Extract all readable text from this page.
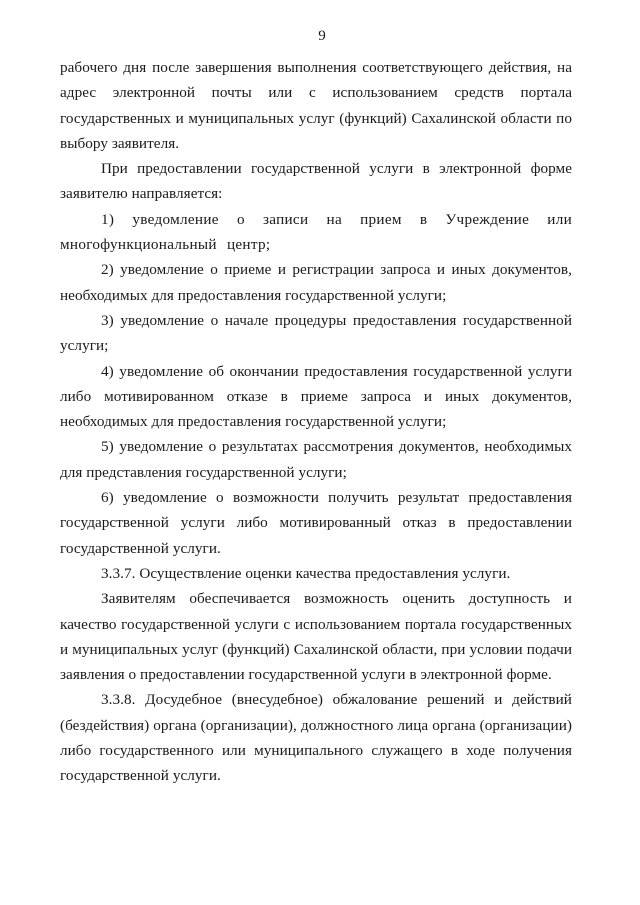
9

рабочего дня после завершения выполнения соответствующего действия, на адрес электронной почты или с использованием средств портала государственных и муниципальных услуг (функций) Сахалинской области по выбору заявителя.

При предоставлении государственной услуги в электронной форме заявителю направляется:

1) уведомление о записи на прием в Учреждение или многофункциональный центр;

2) уведомление о приеме и регистрации запроса и иных документов, необходимых для предоставления государственной услуги;

3) уведомление о начале процедуры предоставления государственной услуги;

4) уведомление об окончании предоставления государственной услуги либо мотивированном отказе в приеме запроса и иных документов, необходимых для предоставления государственной услуги;

5) уведомление о результатах рассмотрения документов, необходимых для представления государственной услуги;

6) уведомление о возможности получить результат предоставления государственной услуги либо мотивированный отказ в предоставлении государственной услуги.

3.3.7. Осуществление оценки качества предоставления услуги.

Заявителям обеспечивается возможность оценить доступность и качество государственной услуги с использованием портала государственных и муниципальных услуг (функций) Сахалинской области, при условии подачи заявления о предоставлении государственной услуги в электронной форме.

3.3.8. Досудебное (внесудебное) обжалование решений и действий (бездействия) органа (организации), должностного лица органа (организации) либо государственного или муниципального служащего в ходе получения государственной услуги.
